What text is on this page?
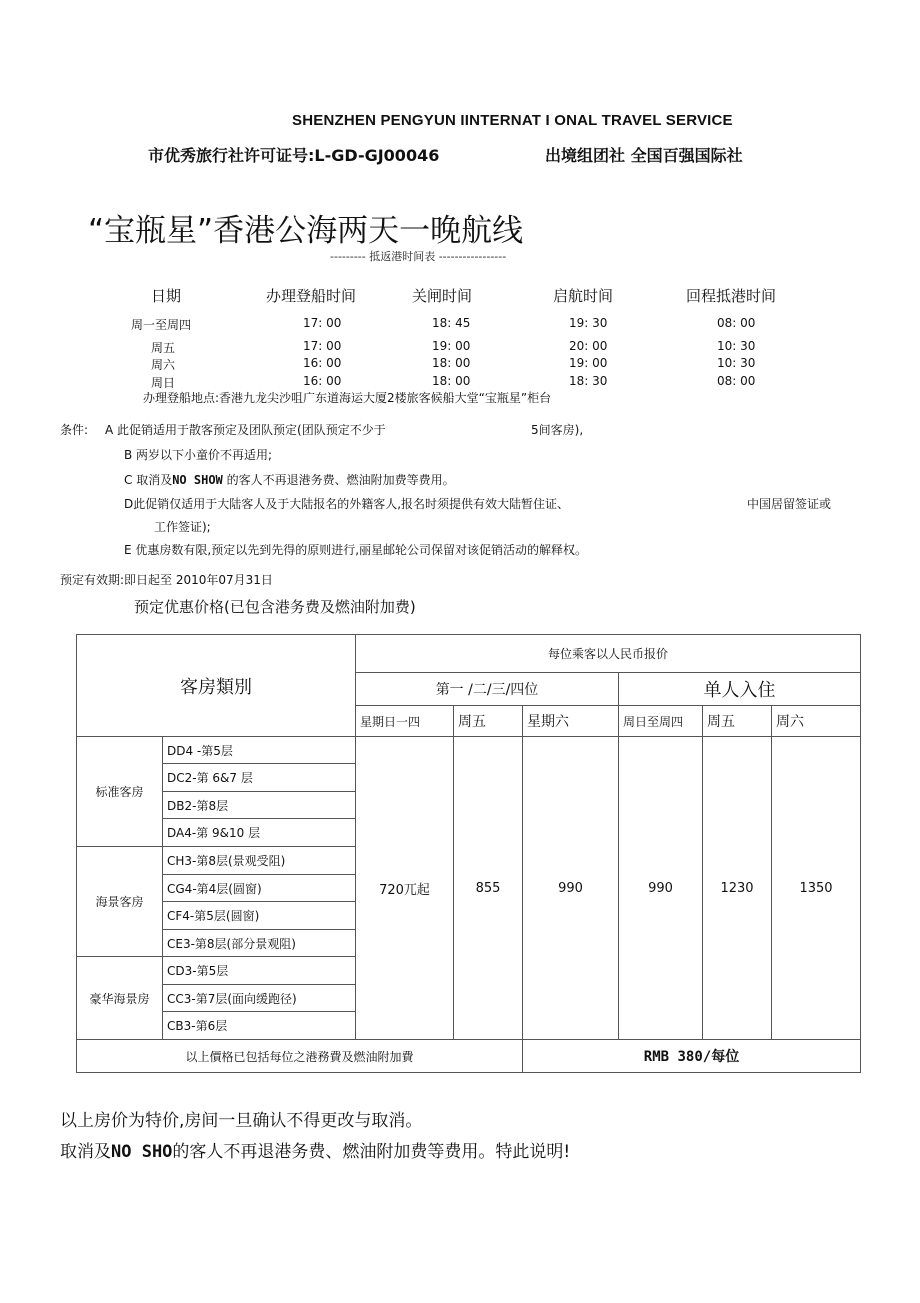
SHENZHEN PENGYUN IINTERNAT I ONAL TRAVEL SERVICE
市优秀旅行社许可证号:L-GD-GJ00046	出境组团社 全国百强国际社
“宝瓶星”香港公海两天一晚航线
--------- 抵返港时间表 -----------------
日期	办理登船时间	关闸时间	启航时间	回程抵港时间
周一至周四	17: 00	18: 45	19: 30	08: 00
周五	17: 00	19: 00	20: 00	10: 30
周六	16: 00	18: 00	19: 00	10: 30
周日	16: 00	18: 00	18: 30	08: 00
办理登船地点:香港九龙尖沙咀广东道海运大厦2楼旅客候船大堂“宝瓶星”柜台
条件: A 此促销适用于散客预定及团队预定(团队预定不少于	5间客房),
B 两岁以下小童价不再适用;
C 取消及NO SHOW 的客人不再退港务费、燃油附加费等费用。
D此促销仅适用于大陆客人及于大陆报名的外籍客人,报名时须提供有效大陆暂住证、	中国居留签证或
工作签证);
E 优惠房数有限,预定以先到先得的原则进行,丽星邮轮公司保留对该促销活动的解释权。
预定有效期:即日起至 2010年07月31日
预定优惠价格(已包含港务费及燃油附加费)
客房類別		每位乘客以人民币报价					
		第一 /二/三/四位			单人入住		
		星期日一四	周五	星期六	周日至周四	周五	周六
标准客房	DD4 -第5层	720兀起	855	990	990	1230	1350
	DC2-第 6&7 层						
	DB2-第8层						
	DA4-第 9&10 层						
海景客房	CH3-第8层(景观受阻)						
	CG4-第4层(圆窗)						
	CF4-第5层(圆窗)						
	CE3-第8层(部分景观阻)						
豪华海景房	CD3-第5层						
	CC3-第7层(面向缓跑径)						
	CB3-第6层						
以上價格已包括每位之港務費及燃油附加費				RMB 380/每位			
以上房价为特价,房间一旦确认不得更改与取消。
取消及NO SHO的客人不再退港务费、燃油附加费等费用。特此说明!
